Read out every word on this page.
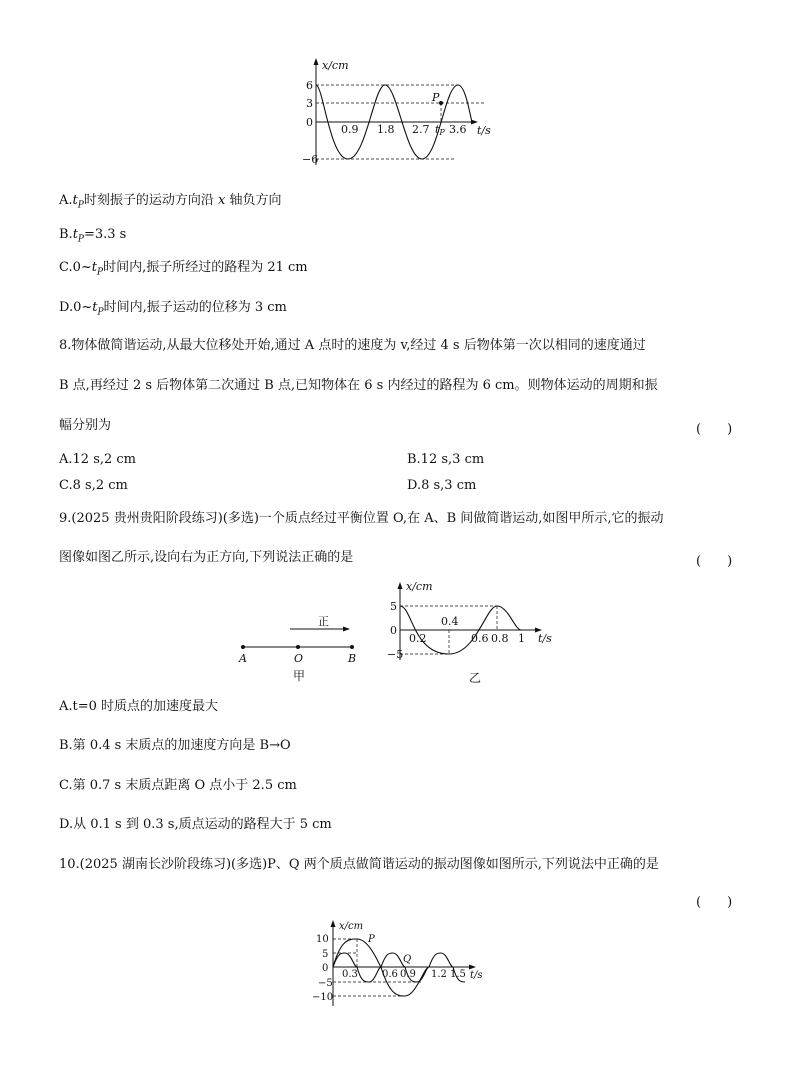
x/cm
6
3
0
−6
0.9 1.8 2.7 tP 3.6 t/s
P
$A.t_P$时刻振子的运动方向沿 x 轴负方向
$B.t_P=3.3$ s
$C.0\sim t_P$时间内,振子所经过的路程为 21 cm
$D.0\sim t_P$时间内,振子运动的位移为 3 cm
8.物体做简谐运动,从最大位移处开始,通过 A 点时的速度为 v,经过 4 s 后物体第一次以相同的速度通过
B 点,再经过 2 s 后物体第二次通过 B 点,已知物体在 6 s 内经过的路程为 6 cm。则物体运动的周期和振
幅分别为	(　　)
A.12 s,2 cm	B.12 s,3 cm
C.8 s,2 cm	D.8 s,3 cm
9.(2025 贵州贵阳阶段练习)(多选)一个质点经过平衡位置 O,在 A、B 间做简谐运动,如图甲所示,它的振动
图像如图乙所示,设向右为正方向,下列说法正确的是	(　　)
正
A	O	B
甲
x/cm
5
0
−5
0.2
0.4
0.6 0.8 1 t/s
乙
A.t=0 时质点的加速度最大
B.第 0.4 s 末质点的加速度方向是 B→O
C.第 0.7 s 末质点距离 O 点小于 2.5 cm
D.从 0.1 s 到 0.3 s,质点运动的路程大于 5 cm
10.(2025 湖南长沙阶段练习)(多选)P、Q 两个质点做简谐运动的振动图像如图所示,下列说法中正确的是
(　　)
x/cm
10
5
0
−5
−10
0.3 0.6 0.9 1.2 1.5 t/s
P
Q
